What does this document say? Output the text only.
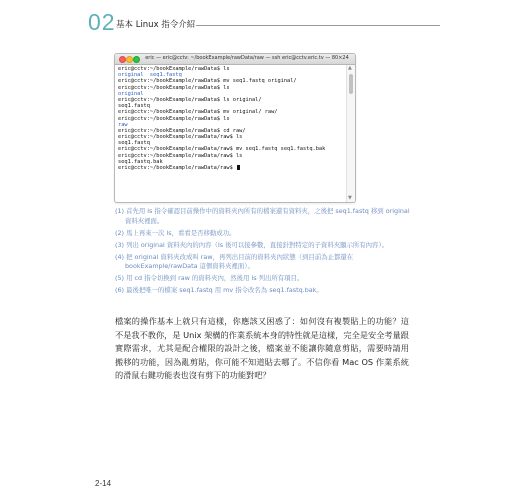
02 基本 Linux 指令介紹
eric — eric@cctv: ~/bookExample/rawData/raw — ssh eric@cctv.eric.tv — 80×24
eric@cctv:~/bookExample/rawData$ ls
original  seq1.fastq
eric@cctv:~/bookExample/rawData$ mv seq1.fastq original/
eric@cctv:~/bookExample/rawData$ ls
original
eric@cctv:~/bookExample/rawData$ ls original/
seq1.fastq
eric@cctv:~/bookExample/rawData$ mv original/ raw/
eric@cctv:~/bookExample/rawData$ ls
raw
eric@cctv:~/bookExample/rawData$ cd raw/
eric@cctv:~/bookExample/rawData/raw$ ls
seq1.fastq
eric@cctv:~/bookExample/rawData/raw$ mv seq1.fastq seq1.fastq.bak
eric@cctv:~/bookExample/rawData/raw$ ls
seq1.fastq.bak
eric@cctv:~/bookExample/rawData/raw$
▲
▼
(1) 首先用 ls 指令確認目前操作中的資料夾內所有的檔案還有資料夾，之後把 seq1.fastq 移到 original 資料夾裡面。
(2) 馬上再來一次 ls，看看是否移動成功。
(3) 列出 original 資料夾內的內容（ls 後可以接參數，直接針對特定的子資料夾顯示所有內容）。
(4) 把 original 資料夾改成叫 raw，再列出目前的資料夾內狀態（到目前為止都還在 bookExample/rawData 這個資料夾裡面）。
(5) 用 cd 指令切換到 raw 的資料夾內，然後用 ls 列出所有項目。
(6) 最後把唯一的檔案 seq1.fastq 用 mv 指令改名為 seq1.fastq.bak。
檔案的操作基本上就只有這樣，你應該又困惑了：如何沒有複製貼上的功能？這不是我不教你，是 Unix 架構的作業系統本身的特性就是這樣，完全是安全考量跟實際需求，尤其是配合權限的設計之後，檔案並不能讓你隨意剪貼，需要時請用搬移的功能，因為亂剪貼，你可能不知道貼去哪了。不信你看 Mac OS 作業系統的滑鼠右鍵功能表也沒有剪下的功能對吧？
2-14
